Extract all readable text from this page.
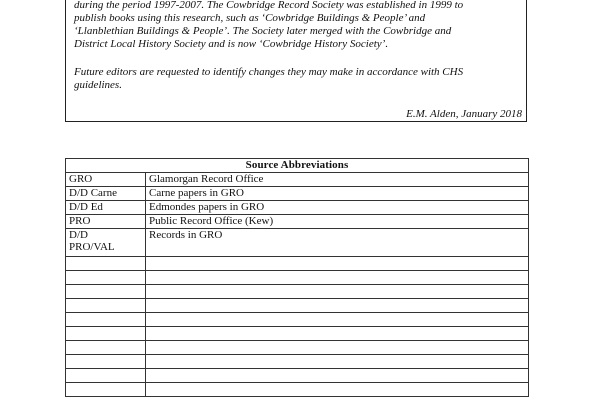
during the period 1997-2007. The Cowbridge Record Society was established in 1999 to
publish books using this research, such as ‘Cowbridge Buildings & People’ and
‘Llanblethian Buildings & People’. The Society later merged with the Cowbridge and
District Local History Society and is now ‘Cowbridge History Society’.

Future editors are requested to identify changes they may make in accordance with CHS
guidelines.

E.M. Alden, January 2018
Source Abbreviations	
GRO	Glamorgan Record Office
D/D Carne	Carne papers in GRO
D/D Ed	Edmondes papers in GRO
PRO	Public Record Office (Kew)

D/D
PRO/VAL	Records in GRO
